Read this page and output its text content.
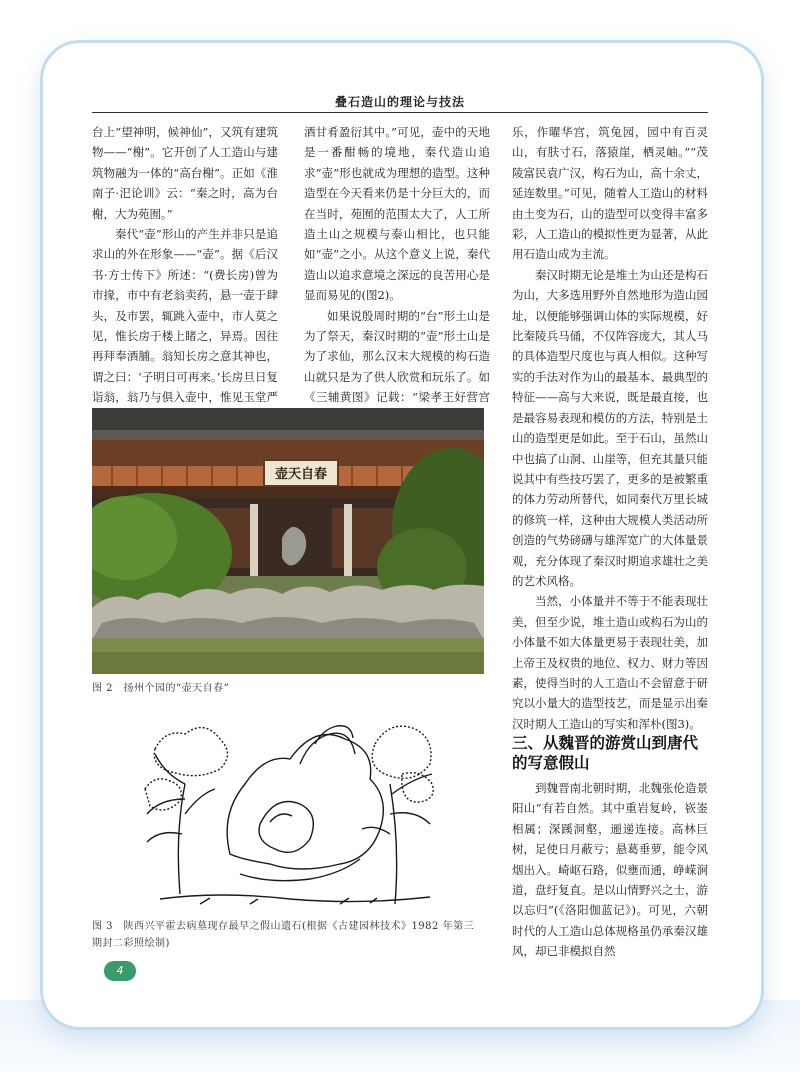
叠石造山的理论与技法

台上“望神明，候神仙”，又筑有建筑物——“榭”。它开创了人工造山与建筑物融为一体的“高台榭”。正如《淮南子·汜论训》云：“秦之时，高为台榭，大为苑囿。”

秦代“壶”形山的产生并非只是追求山的外在形象——“壶”。据《后汉书·方士传下》所述：“(费长房)曾为市掾，市中有老翁卖药，悬一壶于肆头，及市罢，辄跳入壶中，市人莫之见，惟长房于楼上睹之，异焉。因往再拜奉酒脯。翁知长房之意其神也，谓之曰：‘子明日可再来。’长房旦日复诣翁，翁乃与俱入壶中，惟见玉堂严

酒甘肴盈衍其中。”可见，壶中的天地是一番酣畅的境地，秦代造山追求“壶”形也就成为理想的造型。这种造型在今天看来仍是十分巨大的，而在当时，苑囿的范围太大了，人工所造土山之规模与泰山相比，也只能如“壶”之小。从这个意义上说，秦代造山以追求意境之深远的良苦用心是显而易见的(图2)。

如果说殷周时期的“台”形土山是为了祭天，秦汉时期的“壶”形土山是为了求仙，那么汉末大规模的构石造山就只是为了供人欣赏和玩乐了。如《三辅黄图》记载：“梁孝王好营宫

乐，作曜华宫，筑兔园，园中有百灵山，有肤寸石，落猿崖，栖灵岫。”“茂陵富民袁广汉，构石为山，高十余丈，延连数里。”可见，随着人工造山的材料由土变为石，山的造型可以变得丰富多彩，人工造山的模拟性更为显著，从此用石造山成为主流。

秦汉时期无论是堆土为山还是构石为山，大多选用野外自然地形为造山园址，以便能够强调山体的实际规模，好比秦陵兵马俑，不仅阵容庞大，其人马的具体造型尺度也与真人相似。这种写实的手法对作为山的最基本、最典型的特征——高与大来说，既是最直接，也是最容易表现和模仿的方法，特别是土山的造型更是如此。至于石山，虽然山中也搞了山洞、山崖等，但充其量只能说其中有些技巧罢了，更多的是被繁重的体力劳动所替代，如同秦代万里长城的修筑一样，这种由大规模人类活动所创造的气势磅礴与雄浑宽广的大体量景观，充分体现了秦汉时期追求雄壮之美的艺术风格。

当然，小体量并不等于不能表现壮美，但至少说，堆土造山或构石为山的小体量不如大体量更易于表现壮美，加上帝王及权贵的地位、权力、财力等因素，使得当时的人工造山不会留意于研究以小量大的造型技艺，而是显示出秦汉时期人工造山的写实和浑朴(图3)。

壶天自春
图 2　扬州个园的“壶天自春”
图 3　陕西兴平霍去病墓现存最早之假山遗石(根据《古建园林技术》1982 年第三期封二彩照绘制)
三、从魏晋的游赏山到唐代的写意假山

到魏晋南北朝时期，北魏张伦造景阳山“有若自然。其中重岩复岭，嵚崟相属；深蹊洞壑，逦递连接。高林巨树，足使日月蔽亏；悬葛垂萝，能令风烟出入。崎岖石路，似壅而通，峥嵘涧道，盘纡复直。是以山情野兴之士，游以忘归”(《洛阳伽蓝记》)。可见，六朝时代的人工造山总体规格虽仍承秦汉雄风，却已非模拟自然

4
